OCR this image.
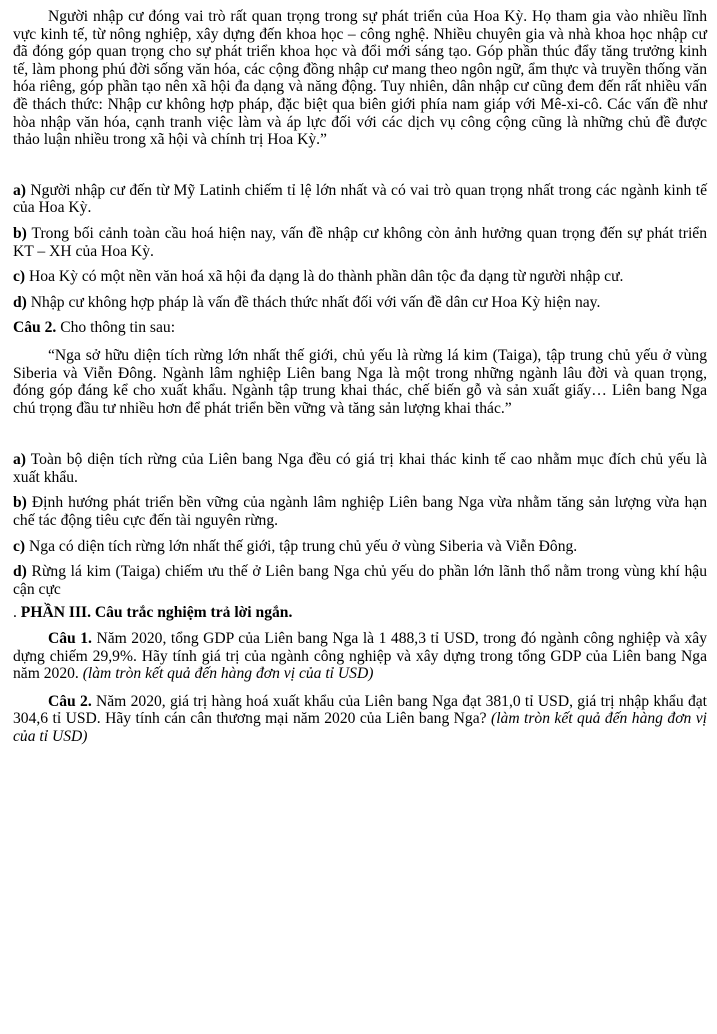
Người nhập cư đóng vai trò rất quan trọng trong sự phát triển của Hoa Kỳ. Họ tham gia vào nhiều lĩnh vực kinh tế, từ nông nghiệp, xây dựng đến khoa học – công nghệ. Nhiều chuyên gia và nhà khoa học nhập cư đã đóng góp quan trọng cho sự phát triển khoa học và đổi mới sáng tạo. Góp phần thúc đẩy tăng trưởng kinh tế, làm phong phú đời sống văn hóa, các cộng đồng nhập cư mang theo ngôn ngữ, ẩm thực và truyền thống văn hóa riêng, góp phần tạo nên xã hội đa dạng và năng động. Tuy nhiên, dân nhập cư cũng đem đến rất nhiều vấn đề thách thức: Nhập cư không hợp pháp, đặc biệt qua biên giới phía nam giáp với Mê-xi-cô. Các vấn đề như hòa nhập văn hóa, cạnh tranh việc làm và áp lực đối với các dịch vụ công cộng cũng là những chủ đề được thảo luận nhiều trong xã hội và chính trị Hoa Kỳ.”

a) Người nhập cư đến từ Mỹ Latinh chiếm tỉ lệ lớn nhất và có vai trò quan trọng nhất trong các ngành kinh tế của Hoa Kỳ.

b) Trong bối cảnh toàn cầu hoá hiện nay, vấn đề nhập cư không còn ảnh hưởng quan trọng đến sự phát triển KT – XH của Hoa Kỳ.

c) Hoa Kỳ có một nền văn hoá xã hội đa dạng là do thành phần dân tộc đa dạng từ người nhập cư.

d) Nhập cư không hợp pháp là vấn đề thách thức nhất đối với vấn đề dân cư Hoa Kỳ hiện nay.

Câu 2. Cho thông tin sau:

“Nga sở hữu diện tích rừng lớn nhất thế giới, chủ yếu là rừng lá kim (Taiga), tập trung chủ yếu ở vùng Siberia và Viễn Đông. Ngành lâm nghiệp Liên bang Nga là một trong những ngành lâu đời và quan trọng, đóng góp đáng kể cho xuất khẩu. Ngành tập trung khai thác, chế biến gỗ và sản xuất giấy… Liên bang Nga chú trọng đầu tư nhiều hơn để phát triển bền vững và tăng sản lượng khai thác.”

a) Toàn bộ diện tích rừng của Liên bang Nga đều có giá trị khai thác kinh tế cao nhằm mục đích chủ yếu là xuất khẩu.

b) Định hướng phát triển bền vững của ngành lâm nghiệp Liên bang Nga vừa nhằm tăng sản lượng vừa hạn chế tác động tiêu cực đến tài nguyên rừng.

c) Nga có diện tích rừng lớn nhất thế giới, tập trung chủ yếu ở vùng Siberia và Viễn Đông.

d) Rừng lá kim (Taiga) chiếm ưu thế ở Liên bang Nga chủ yếu do phần lớn lãnh thổ nằm trong vùng khí hậu cận cực

. PHẦN III. Câu trắc nghiệm trả lời ngắn.

Câu 1. Năm 2020, tổng GDP của Liên bang Nga là 1 488,3 tỉ USD, trong đó ngành công nghiệp và xây dựng chiếm 29,9%. Hãy tính giá trị của ngành công nghiệp và xây dựng trong tổng GDP của Liên bang Nga năm 2020. (làm tròn kết quả đến hàng đơn vị của tỉ USD)

Câu 2. Năm 2020, giá trị hàng hoá xuất khẩu của Liên bang Nga đạt 381,0 tỉ USD, giá trị nhập khẩu đạt 304,6 tỉ USD. Hãy tính cán cân thương mại năm 2020 của Liên bang Nga? (làm tròn kết quả đến hàng đơn vị của tỉ USD)
